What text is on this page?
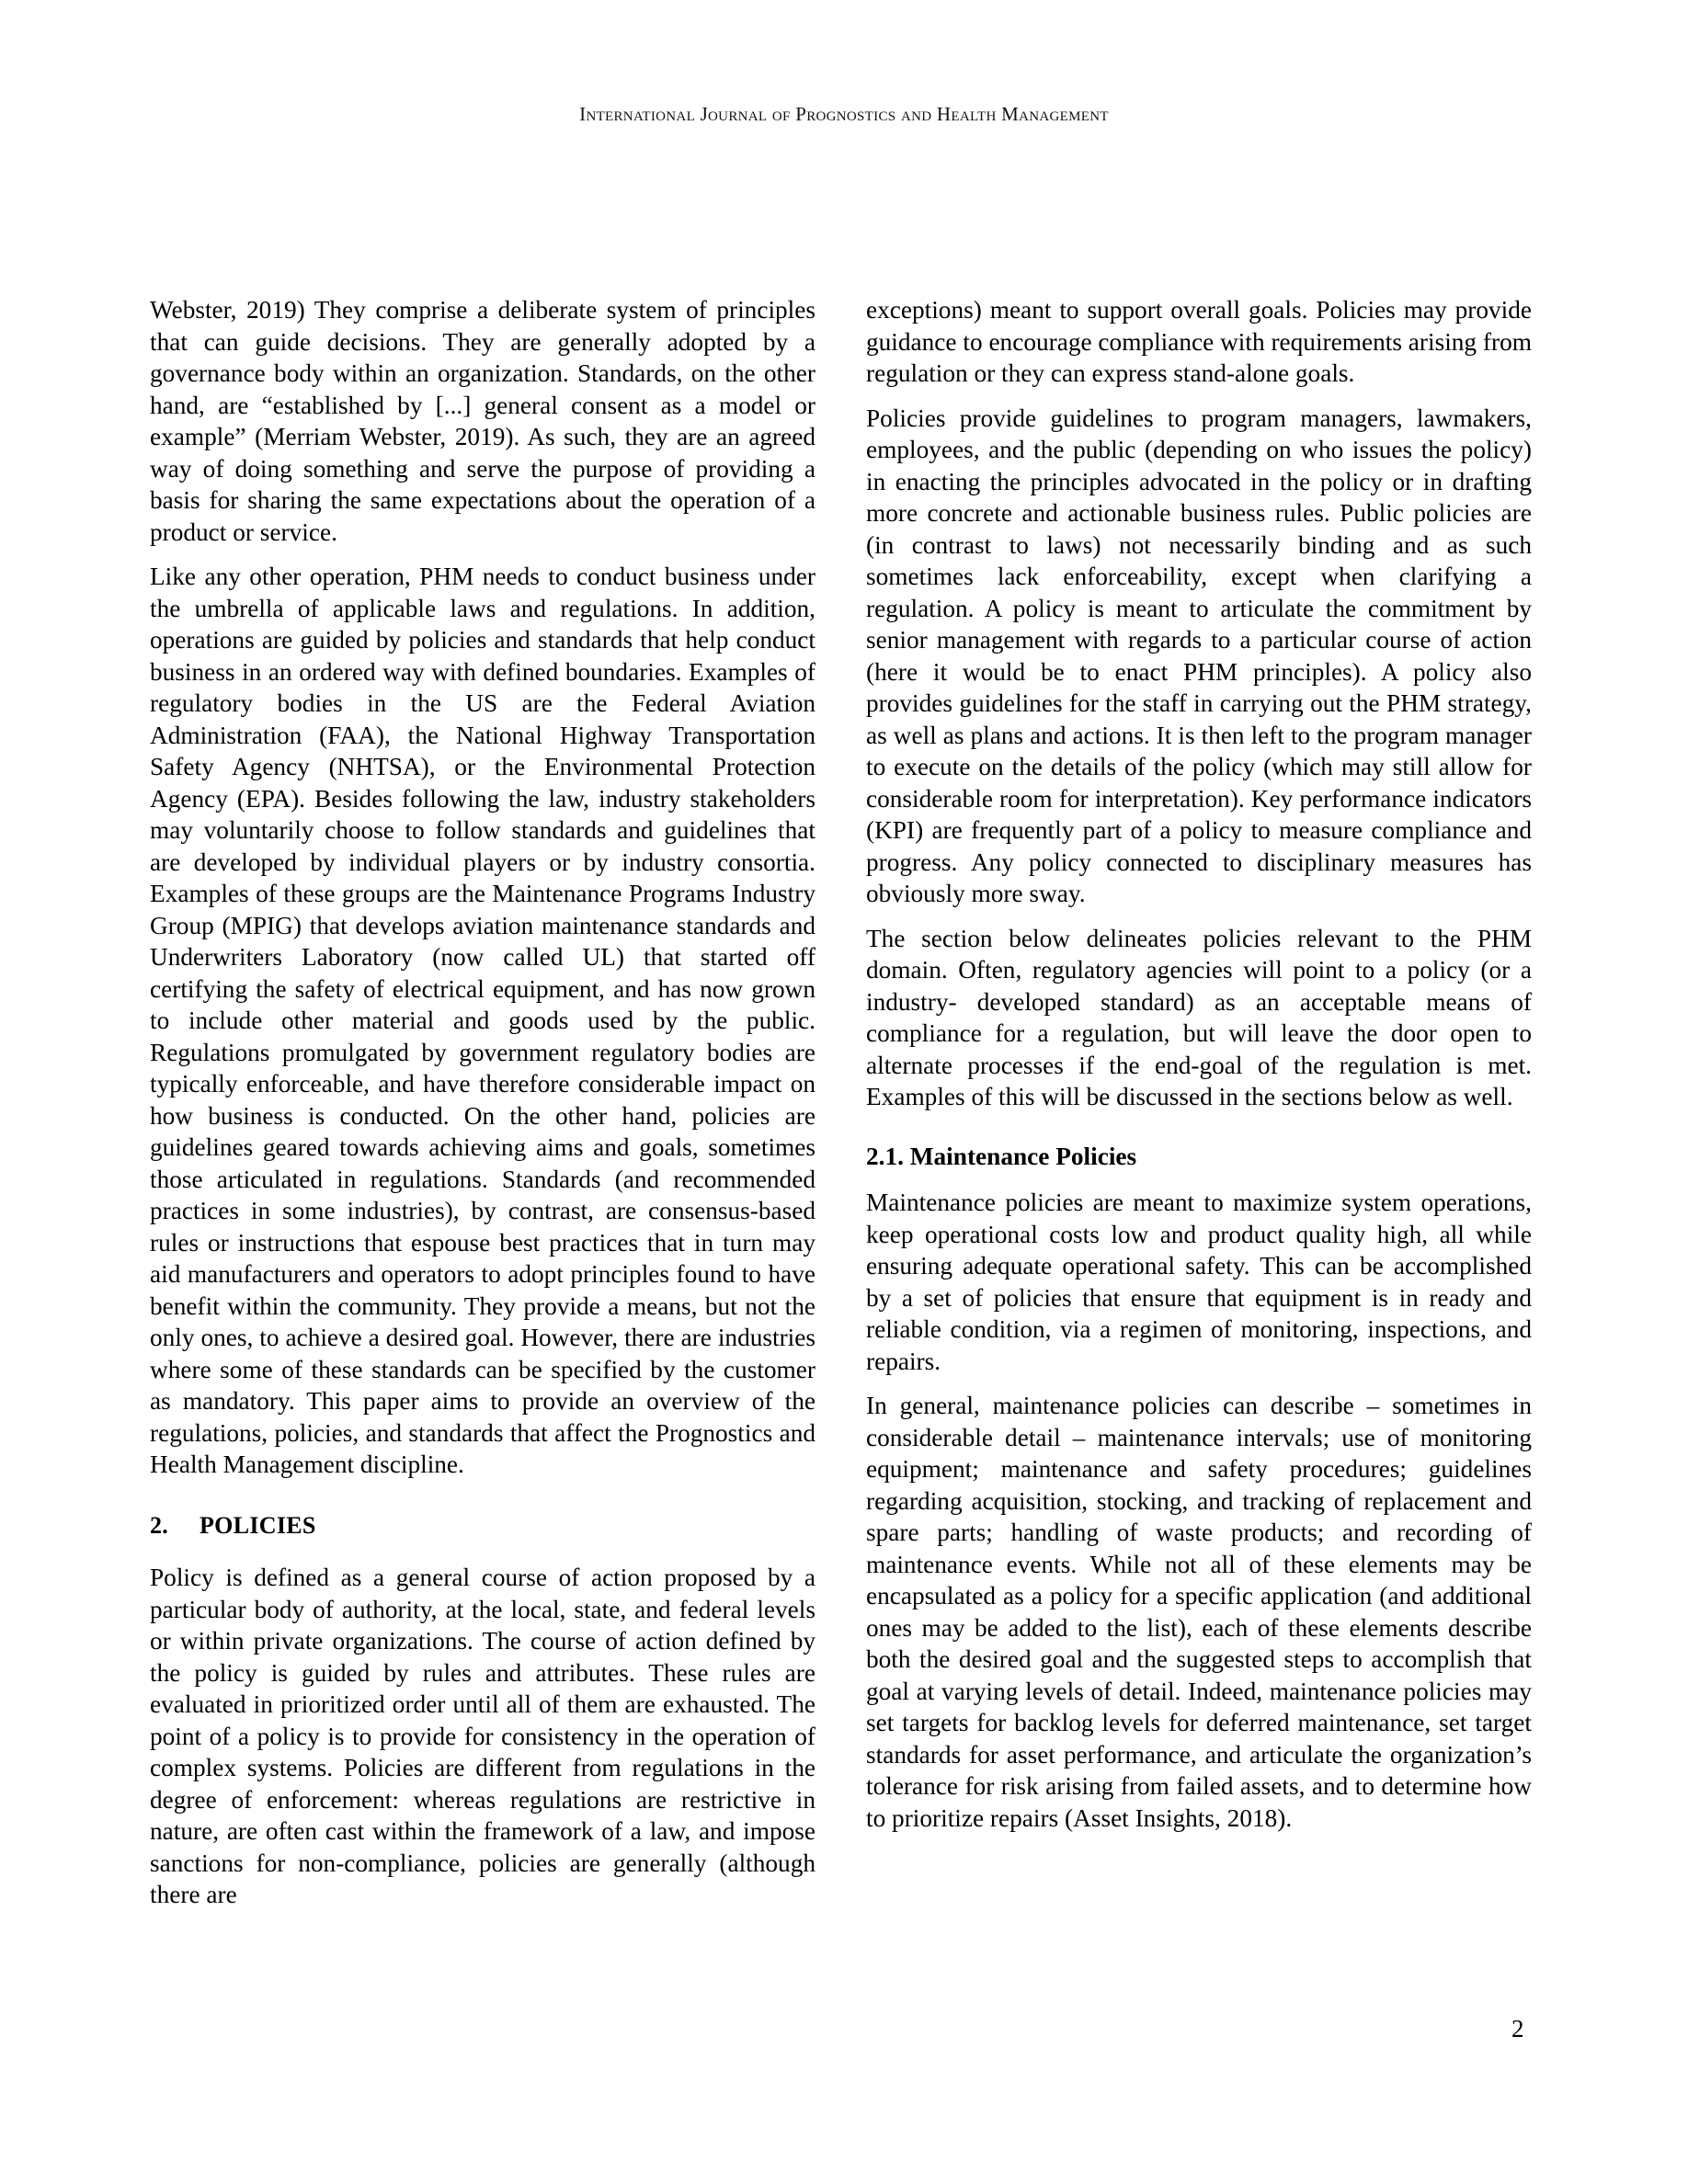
International Journal of Prognostics and Health Management

Webster, 2019) They comprise a deliberate system of principles that can guide decisions. They are generally adopted by a governance body within an organization. Standards, on the other hand, are “established by [...] general consent as a model or example” (Merriam Webster, 2019). As such, they are an agreed way of doing something and serve the purpose of providing a basis for sharing the same expectations about the operation of a product or service.

Like any other operation, PHM needs to conduct business under the umbrella of applicable laws and regulations. In addition, operations are guided by policies and standards that help conduct business in an ordered way with defined boundaries. Examples of regulatory bodies in the US are the Federal Aviation Administration (FAA), the National Highway Transportation Safety Agency (NHTSA), or the Environmental Protection Agency (EPA). Besides following the law, industry stakeholders may voluntarily choose to follow standards and guidelines that are developed by individual players or by industry consortia. Examples of these groups are the Maintenance Programs Industry Group (MPIG) that develops aviation maintenance standards and Underwriters Laboratory (now called UL) that started off certifying the safety of electrical equipment, and has now grown to include other material and goods used by the public. Regulations promulgated by government regulatory bodies are typically enforceable, and have therefore considerable impact on how business is conducted. On the other hand, policies are guidelines geared towards achieving aims and goals, sometimes those articulated in regulations. Standards (and recommended practices in some industries), by contrast, are consensus-based rules or instructions that espouse best practices that in turn may aid manufacturers and operators to adopt principles found to have benefit within the community. They provide a means, but not the only ones, to achieve a desired goal. However, there are industries where some of these standards can be specified by the customer as mandatory. This paper aims to provide an overview of the regulations, policies, and standards that affect the Prognostics and Health Management discipline.

2. POLICIES

Policy is defined as a general course of action proposed by a particular body of authority, at the local, state, and federal levels or within private organizations. The course of action defined by the policy is guided by rules and attributes. These rules are evaluated in prioritized order until all of them are exhausted. The point of a policy is to provide for consistency in the operation of complex systems. Policies are different from regulations in the degree of enforcement: whereas regulations are restrictive in nature, are often cast within the framework of a law, and impose sanctions for non-compliance, policies are generally (although there are

exceptions) meant to support overall goals. Policies may provide guidance to encourage compliance with requirements arising from regulation or they can express stand-alone goals.

Policies provide guidelines to program managers, lawmakers, employees, and the public (depending on who issues the policy) in enacting the principles advocated in the policy or in drafting more concrete and actionable business rules. Public policies are (in contrast to laws) not necessarily binding and as such sometimes lack enforceability, except when clarifying a regulation. A policy is meant to articulate the commitment by senior management with regards to a particular course of action (here it would be to enact PHM principles). A policy also provides guidelines for the staff in carrying out the PHM strategy, as well as plans and actions. It is then left to the program manager to execute on the details of the policy (which may still allow for considerable room for interpretation). Key performance indicators (KPI) are frequently part of a policy to measure compliance and progress. Any policy connected to disciplinary measures has obviously more sway.

The section below delineates policies relevant to the PHM domain. Often, regulatory agencies will point to a policy (or a industry- developed standard) as an acceptable means of compliance for a regulation, but will leave the door open to alternate processes if the end-goal of the regulation is met. Examples of this will be discussed in the sections below as well.

2.1. Maintenance Policies

Maintenance policies are meant to maximize system operations, keep operational costs low and product quality high, all while ensuring adequate operational safety. This can be accomplished by a set of policies that ensure that equipment is in ready and reliable condition, via a regimen of monitoring, inspections, and repairs.

In general, maintenance policies can describe – sometimes in considerable detail – maintenance intervals; use of monitoring equipment; maintenance and safety procedures; guidelines regarding acquisition, stocking, and tracking of replacement and spare parts; handling of waste products; and recording of maintenance events. While not all of these elements may be encapsulated as a policy for a specific application (and additional ones may be added to the list), each of these elements describe both the desired goal and the suggested steps to accomplish that goal at varying levels of detail. Indeed, maintenance policies may set targets for backlog levels for deferred maintenance, set target standards for asset performance, and articulate the organization’s tolerance for risk arising from failed assets, and to determine how to prioritize repairs (Asset Insights, 2018).

2
